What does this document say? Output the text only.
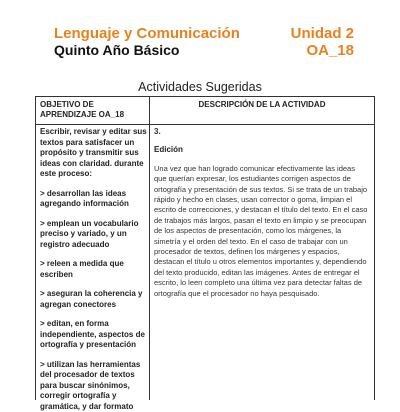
Lenguaje y Comunicación
Quinto Año Básico
Unidad 2
OA_18
Actividades Sugeridas
OBJETIVO DE APRENDIZAJE OA_18
DESCRIPCIÓN DE LA ACTIVIDAD

Escribir, revisar y editar sus textos para satisfacer un propósito y transmitir sus ideas con claridad. durante este proceso:

> desarrollan las ideas agregando información

> emplean un vocabulario preciso y variado, y un registro adecuado

> releen a medida que escriben

> aseguran la coherencia y agregan conectores

> editan, en forma independiente, aspectos de ortografía y presentación

> utilizan las herramientas del procesador de textos para buscar sinónimos, corregir ortografía y gramática, y dar formato

3.

Edición

Una vez que han logrado comunicar efectivamente las ideas que querían expresar, los estudiantes corrigen aspectos de ortografía y presentación de sus textos. Si se trata de un trabajo rápido y hecho en clases, usan corrector o goma, limpian el escrito de correcciones, y destacan el título del texto. En el caso de trabajos más largos, pasan el texto en limpio y se preocupan de los aspectos de presentación, como los márgenes, la simetría y el orden del texto. En el caso de trabajar con un procesador de textos, definen los márgenes y espacios, destacan el título u otros elementos importantes y, dependiendo del texto producido, editan las imágenes. Antes de entregar el escrito, lo leen completo una última vez para detectar faltas de ortografía que el procesador no haya pesquisado.
